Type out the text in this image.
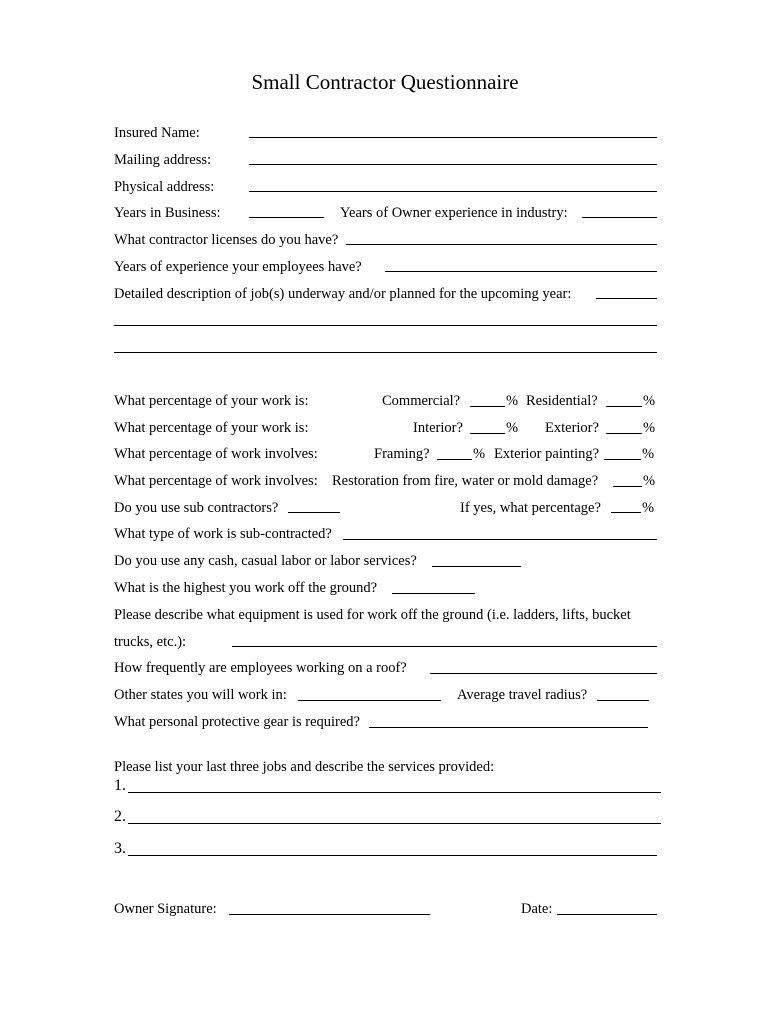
Small Contractor Questionnaire
Insured Name:
Mailing address:
Physical address:
Years in Business:	Years of Owner experience in industry:
What contractor licenses do you have?
Years of experience your employees have?
Detailed description of job(s) underway and/or planned for the upcoming year:
What percentage of your work is:	Commercial?	% Residential?	%
What percentage of your work is:	Interior?	% Exterior?	%
What percentage of work involves:	Framing?	% Exterior painting?	%
What percentage of work involves: Restoration from fire, water or mold damage?	%
Do you use sub contractors?	If yes, what percentage?	%
What type of work is sub-contracted?
Do you use any cash, casual labor or labor services?
What is the highest you work off the ground?
Please describe what equipment is used for work off the ground (i.e. ladders, lifts, bucket
trucks, etc.):
How frequently are employees working on a roof?
Other states you will work in:	Average travel radius?
What personal protective gear is required?
Please list your last three jobs and describe the services provided:
1.
2.
3.
Owner Signature:	Date:
